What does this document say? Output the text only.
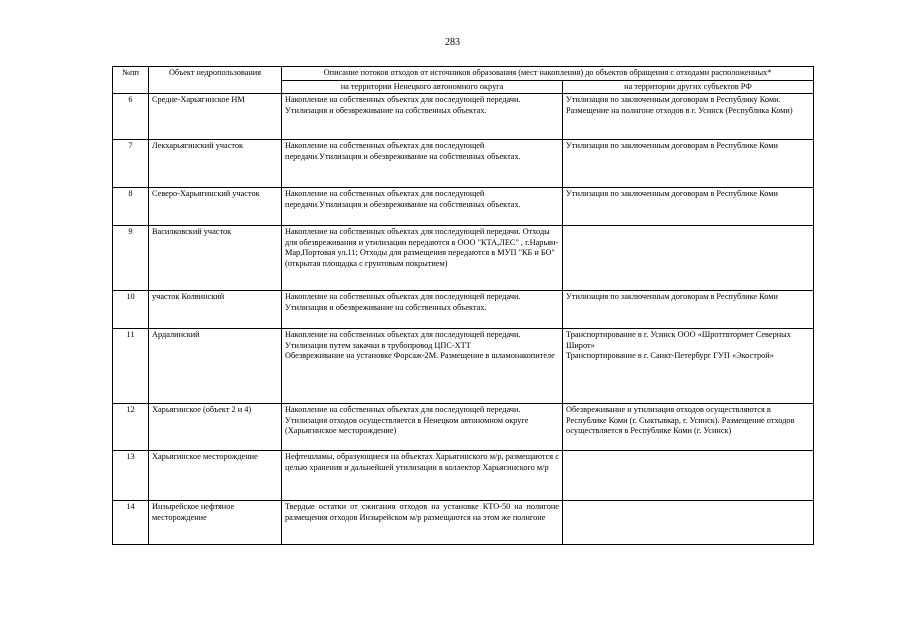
283
№пп	Объект недропользования	Описание потоков отходов от источников образования (мест накопления) до объектов обращения с отходами расположенных*	
		на территории Ненецкого автономного округа	на территории других субъектов РФ
6	Средне-Харьягинское НМ	Накопление на собственных объектах для последующей передачи. Утилизация и обезвреживание на собственных объектах.	Утилизация по заключенным договорам в Республику Коми.
Размещение на полигоне отходов в г. Усинск (Республика Коми)
7	Лекхарьягинский участок	Накопление на собственных объектах для последующей передачи.Утилизация и обезвреживание на собственных объектах.	Утилизация по заключенным договорам в Республике Коми
8	Северо-Харьягинский участок	Накопление на собственных объектах для последующей передачи.Утилизация и обезвреживание на собственных объектах.	Утилизация по заключенным договорам в Республике Коми
9	Василковский участок	Накопление на собственных объектах для последующей передачи. Отходы для обезвреживания и утилизации передаются в ООО "КТА,ЛЕС" , г.Нарьян-Мар,Портовая ул.11; Отходы для размещения передаются в МУП "КБ и БО" (открытая площадка с грунтовым покрытием)	
10	участок Колвинский	Накопление на собственных объектах для последующей передачи. Утилизация и обезвреживание на собственных объектах.	Утилизация по заключенным договорам в Республике Коми
11	Ардалинский	Накопление на собственных объектах для последующей передачи. Утилизация путем закачки в трубопровод ЦПС-ХТТ
Обезвреживание на установке Форсаж-2М. Размещение в шламонакопителе	Транспортирование в г. Усинск ООО «Шроттвтормет Северных Широт»
Транспортирование в г. Санкт-Петербург ГУП «Экострой»
12	Харьягинское (объект 2 и 4)	Накопление на собственных объектах для последующей передачи. Утилизация отходов осуществляется в Ненецком автономном округе (Харьягинское месторождение)	Обезвреживание и утилизация отходов осуществляются в Республике Коми (г. Сыктывкар, г. Усинск). Размещение отходов осуществляется в Республике Коми (г. Усинск)
13	Харьягинское месторождение	Нефтешламы, образующиеся на объектах Харьягинского м/р, размещаются с целью хранения и дальнейшей утилизации в коллектор Харьягинского м/р	
14	Инзырейское нефтяное месторождение	Твердые остатки от сжигания отходов на установке КТО-50 на полигоне размещения отходов Инзырейском м/р размещаются на этом же полигоне	
